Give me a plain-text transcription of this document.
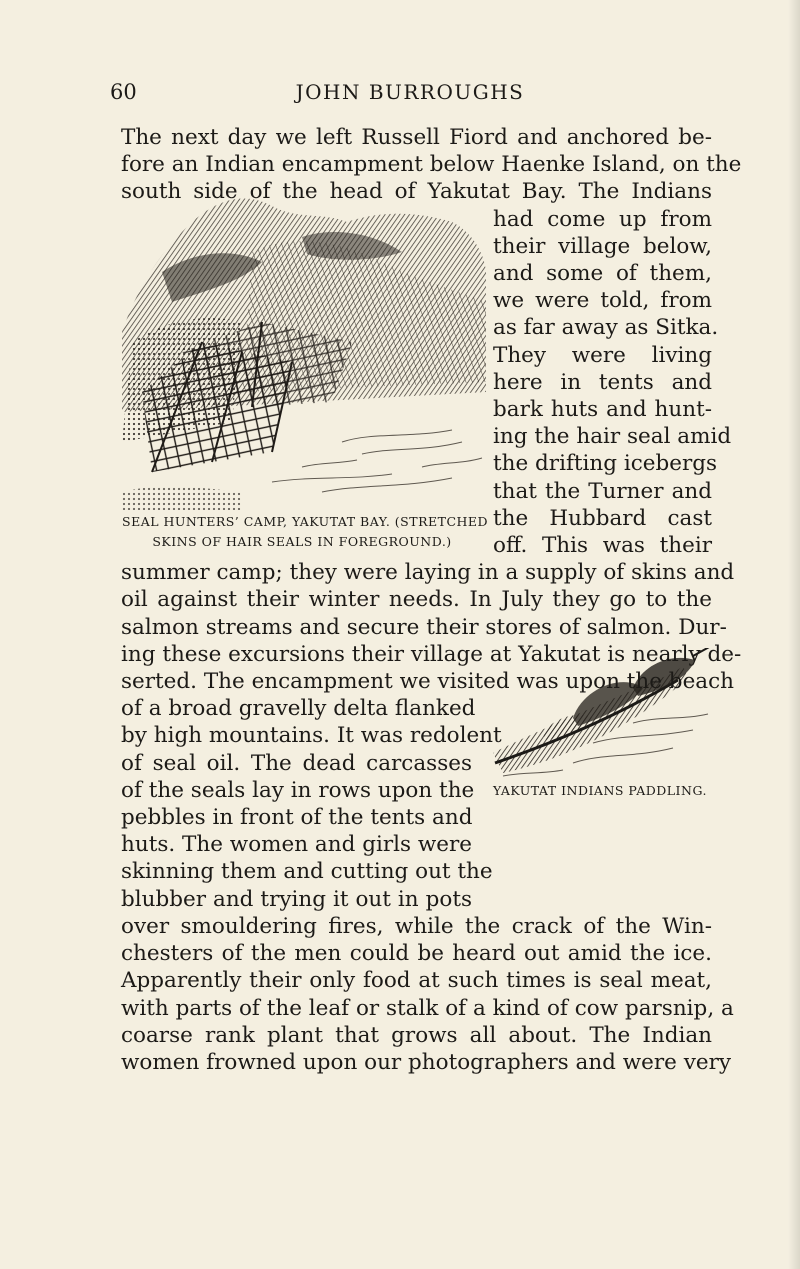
60	JOHN BURROUGHS
SEAL HUNTERS’ CAMP, YAKUTAT BAY. (STRETCHED
SKINS OF HAIR SEALS IN FOREGROUND.)
YAKUTAT INDIANS PADDLING.
The next day we left Russell Fiord and anchored be-
fore an Indian encampment below Haenke Island, on the
south side of the head of Yakutat Bay. The Indians
had come up from
their village below,
and some of them,
we were told, from
as far away as Sitka.
They were living
here in tents and
bark huts and hunt-
ing the hair seal amid
the drifting icebergs
that the Turner and
the Hubbard cast
off. This was their
summer camp; they were laying in a supply of skins and
oil against their winter needs. In July they go to the
salmon streams and secure their stores of salmon. Dur-
ing these excursions their village at Yakutat is nearly de-
serted. The encampment we visited was upon the beach
of a broad gravelly delta flanked
by high mountains. It was redolent
of seal oil. The dead carcasses
of the seals lay in rows upon the
pebbles in front of the tents and
huts. The women and girls were
skinning them and cutting out the
blubber and trying it out in pots
over smouldering fires, while the crack of the Win-
chesters of the men could be heard out amid the ice.
Apparently their only food at such times is seal meat,
with parts of the leaf or stalk of a kind of cow parsnip, a
coarse rank plant that grows all about. The Indian
women frowned upon our photographers and were very
